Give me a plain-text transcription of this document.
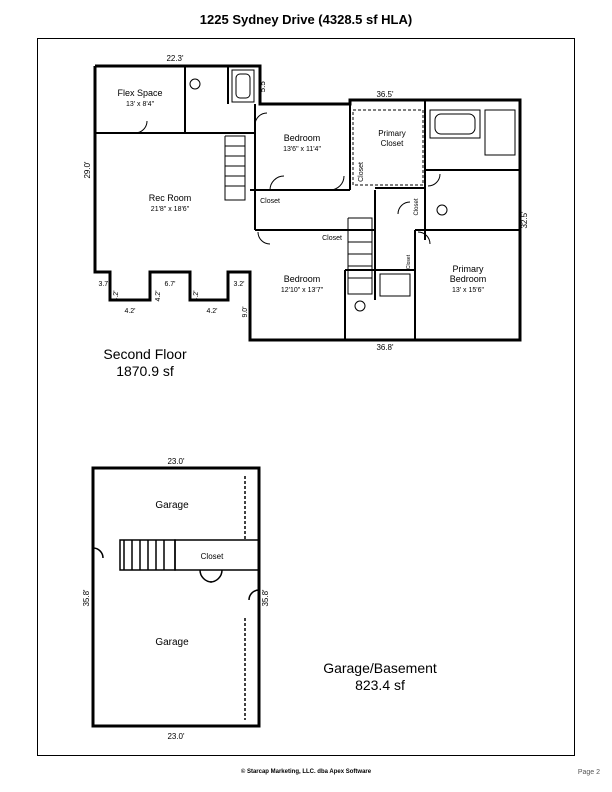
1225 Sydney Drive (4328.5 sf HLA)
Flex Space
13' x 8'4"
Rec Room
21'8" x 18'6"
Bedroom
13'6" x 11'4"
Primary
Closet
Bedroom
12'10" x 13'7"
Primary
Bedroom
13' x 15'6"
Closet
Closet
Closet
Closet
Closet
22.3'
5.5'
36.5'
29.0'
32.5'
3.7'	6.7'	3.2'
4.2'	4.2'	4.2'
4.2'	4.2'	9.0'
36.8'
Garage
Closet
Garage
23.0'
23.0'
35.8'	35.8'
Second Floor
1870.9 sf
Garage/Basement
823.4 sf
© Starcap Marketing, LLC. dba Apex Software	Page 2
